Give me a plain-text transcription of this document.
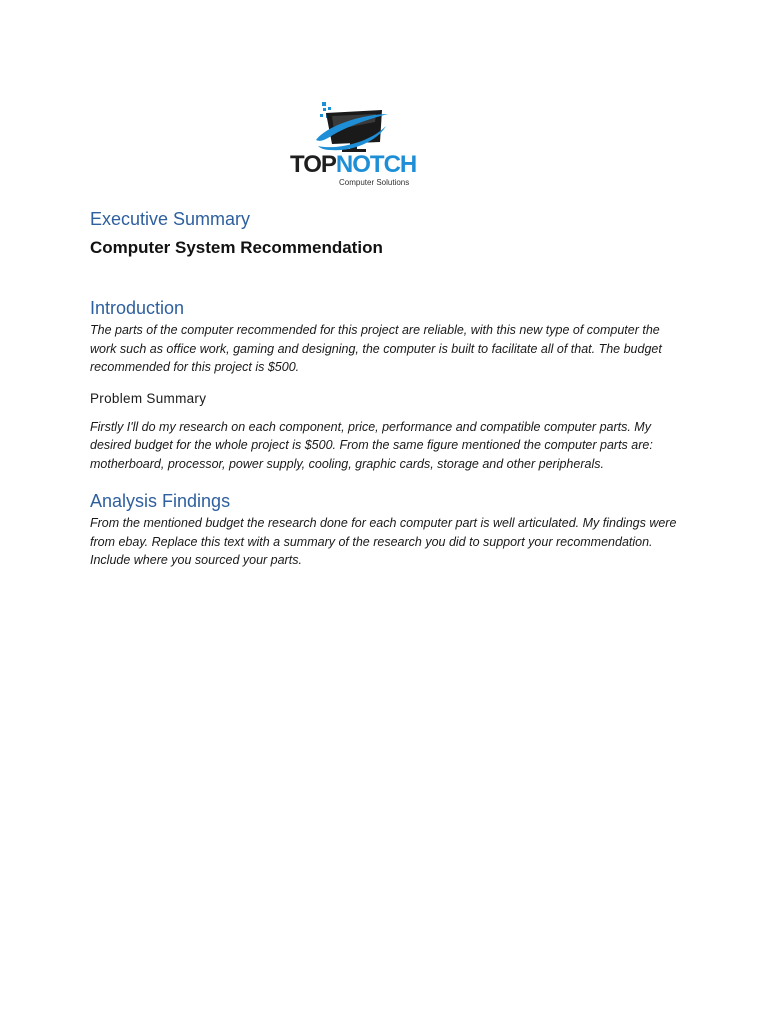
TOPNOTCH
Computer Solutions
Executive Summary
Computer System Recommendation
Introduction

The parts of the computer recommended for this project are reliable, with this new type of computer the work such as office work, gaming and designing, the computer is built to facilitate all of that. The budget recommended for this project is $500.

Problem Summary

Firstly I'll do my research on each component, price, performance and compatible computer parts. My desired budget for the whole project is $500. From the same figure mentioned the computer parts are: motherboard, processor, power supply, cooling, graphic cards, storage and other peripherals.

Analysis Findings

From the mentioned budget the research done for each computer part is well articulated. My findings were from ebay. Replace this text with a summary of the research you did to support your recommendation. Include where you sourced your parts.
